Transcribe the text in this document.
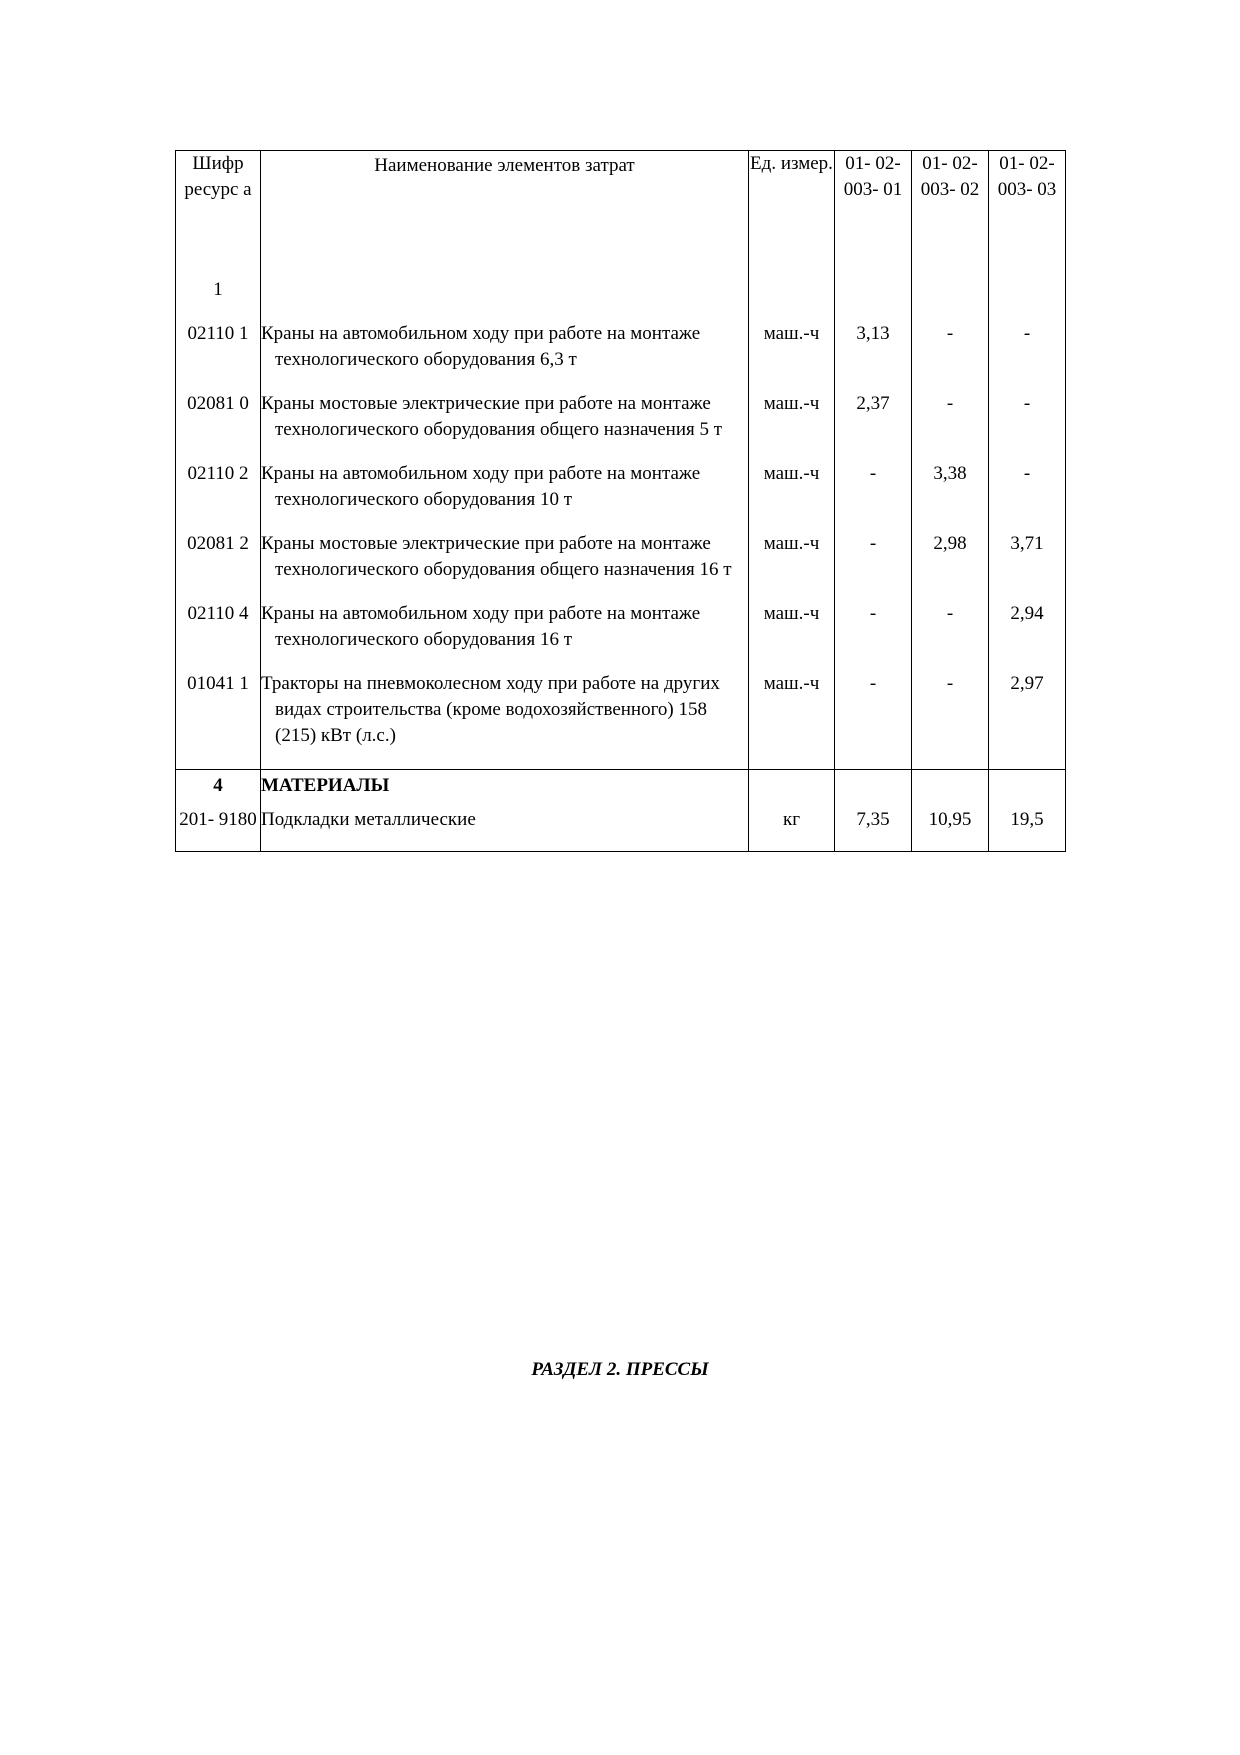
Шифр ресурс а	Наименование элементов затрат	Ед. измер.	01- 02- 003- 01	01- 02- 003- 02	01- 02- 003- 03
1					
02110 1	Краны на автомобильном ходу при работе на монтаже технологического оборудования 6,3 т	маш.-ч	3,13	-	-
02081 0	Краны мостовые электрические при работе на монтаже технологического оборудования общего назначения 5 т	маш.-ч	2,37	-	-
02110 2	Краны на автомобильном ходу при работе на монтаже технологического оборудования 10 т	маш.-ч	-	3,38	-
02081 2	Краны мостовые электрические при работе на монтаже технологического оборудования общего назначения 16 т	маш.-ч	-	2,98	3,71
02110 4	Краны на автомобильном ходу при работе на монтаже технологического оборудования 16 т	маш.-ч	-	-	2,94
01041 1	Тракторы на пневмоколесном ходу при работе на других видах строительства (кроме водохозяйственного) 158 (215) кВт (л.с.)	маш.-ч	-	-	2,97
4	МАТЕРИАЛЫ				
201- 9180	Подкладки металлические	кг	7,35	10,95	19,5
РАЗДЕЛ 2. ПРЕССЫ
